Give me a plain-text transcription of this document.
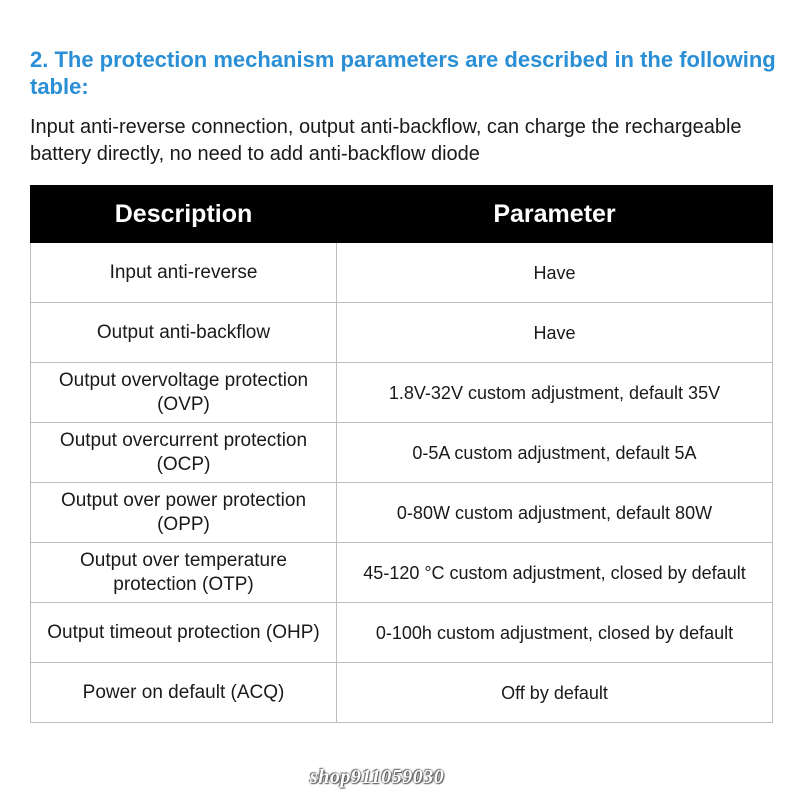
2. The protection mechanism parameters are described in the following table:

Input anti-reverse connection, output anti-backflow, can charge the rechargeable battery directly, no need to add anti-backflow diode

Description	Parameter
Input anti-reverse	Have
Output anti-backflow	Have
Output overvoltage protection (OVP)	1.8V-32V custom adjustment, default 35V
Output overcurrent protection (OCP)	0-5A custom adjustment, default 5A
Output over power protection (OPP)	0-80W custom adjustment, default 80W
Output over temperature protection (OTP)	45-120 °C custom adjustment, closed by default
Output timeout protection (OHP)	0-100h custom adjustment, closed by default
Power on default (ACQ)	Off by default
shop911059030
